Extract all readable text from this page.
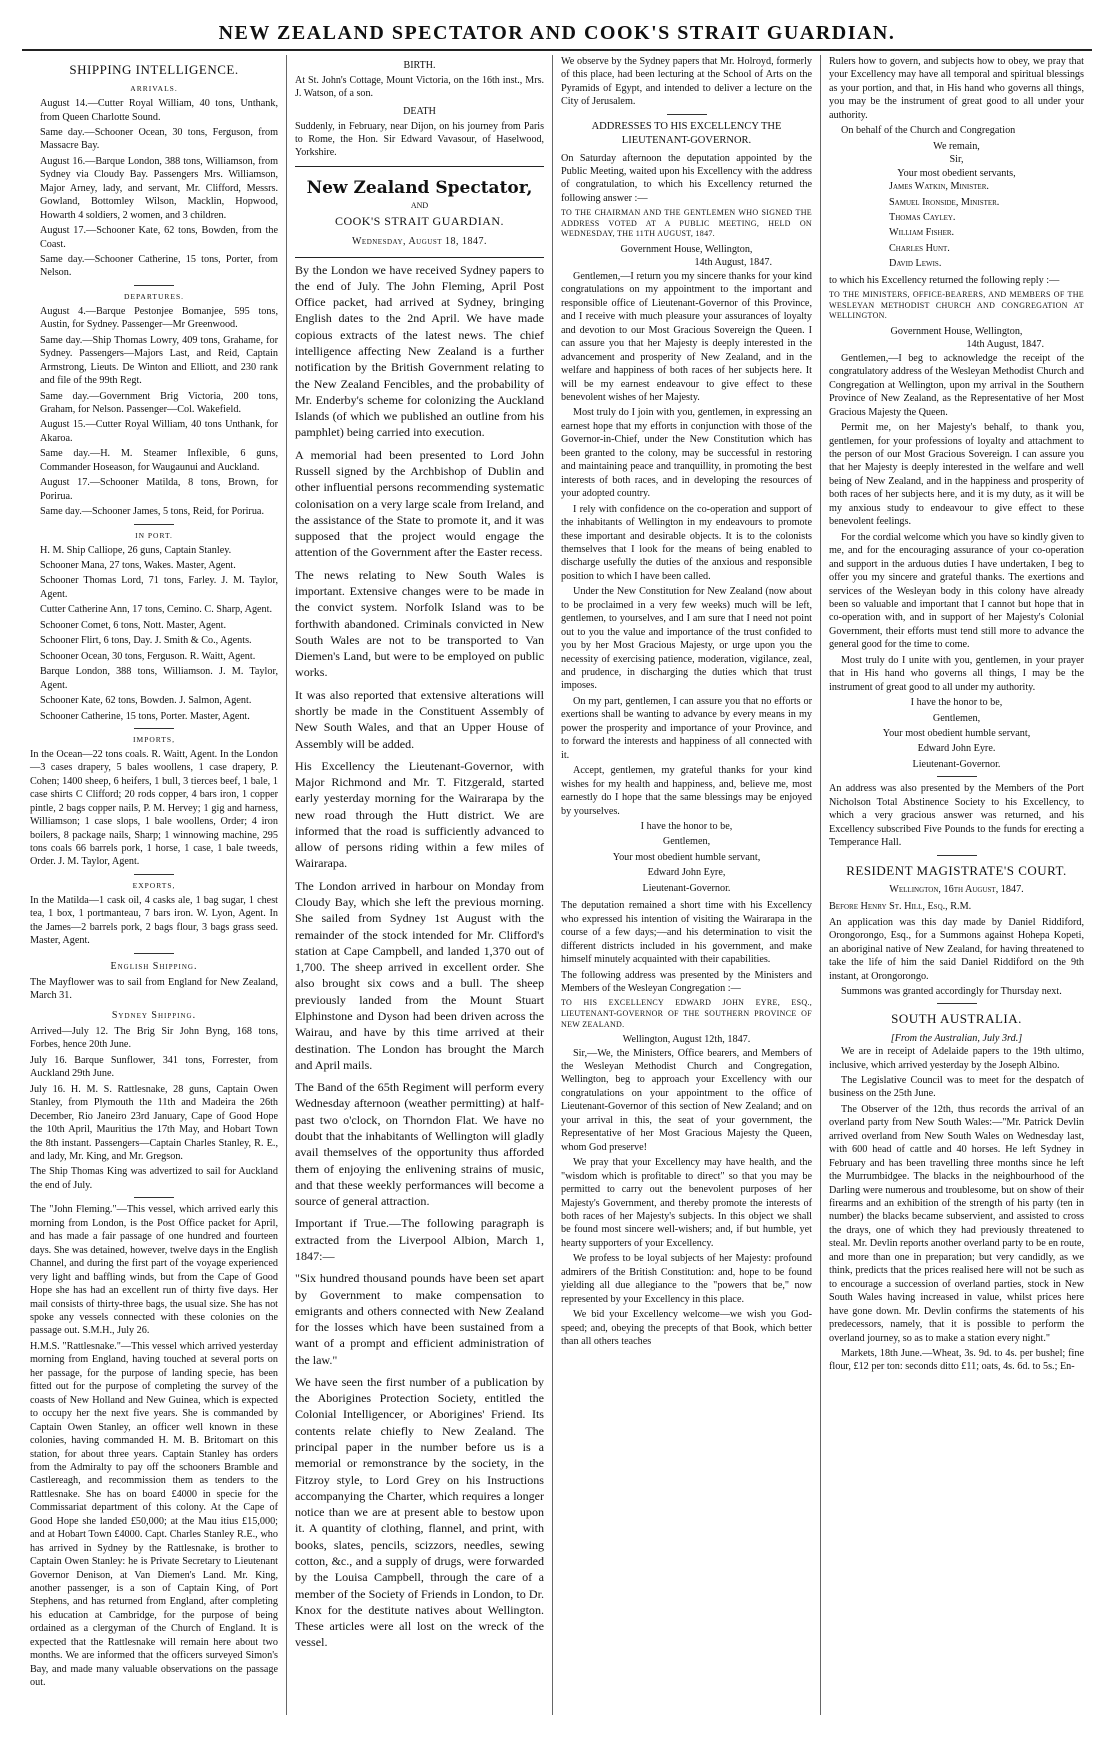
NEW ZEALAND SPECTATOR AND COOK'S STRAIT GUARDIAN.
SHIPPING INTELLIGENCE.
ARRIVALS.

August 14.—Cutter Royal William, 40 tons, Unthank, from Queen Charlotte Sound.

Same day.—Schooner Ocean, 30 tons, Ferguson, from Massacre Bay.

August 16.—Barque London, 388 tons, Williamson, from Sydney via Cloudy Bay. Passengers Mrs. Williamson, Major Arney, lady, and servant, Mr. Clifford, Messrs. Gowland, Bottomley Wilson, Macklin, Hopwood, Howarth 4 soldiers, 2 women, and 3 children.

August 17.—Schooner Kate, 62 tons, Bowden, from the Coast.

Same day.—Schooner Catherine, 15 tons, Porter, from Nelson.

DEPARTURES.

August 4.—Barque Pestonjee Bomanjee, 595 tons, Austin, for Sydney. Passenger—Mr Greenwood.

Same day.—Ship Thomas Lowry, 409 tons, Grahame, for Sydney. Passengers—Majors Last, and Reid, Captain Armstrong, Lieuts. De Winton and Elliott, and 230 rank and file of the 99th Regt.

Same day.—Government Brig Victoria, 200 tons, Graham, for Nelson. Passenger—Col. Wakefield.

August 15.—Cutter Royal William, 40 tons Unthank, for Akaroa.

Same day.—H. M. Steamer Inflexible, 6 guns, Commander Hoseason, for Waugaunui and Auckland.

August 17.—Schooner Matilda, 8 tons, Brown, for Porirua.

Same day.—Schooner James, 5 tons, Reid, for Porirua.

IN PORT.

H. M. Ship Calliope, 26 guns, Captain Stanley.

Schooner Mana, 27 tons, Wakes. Master, Agent.

Schooner Thomas Lord, 71 tons, Farley. J. M. Taylor, Agent.

Cutter Catherine Ann, 17 tons, Cemino. C. Sharp, Agent.

Schooner Comet, 6 tons, Nott. Master, Agent.

Schooner Flirt, 6 tons, Day. J. Smith & Co., Agents.

Schooner Ocean, 30 tons, Ferguson. R. Waitt, Agent.

Barque London, 388 tons, Williamson. J. M. Taylor, Agent.

Schooner Kate, 62 tons, Bowden. J. Salmon, Agent.

Schooner Catherine, 15 tons, Porter. Master, Agent.

IMPORTS,

In the Ocean—22 tons coals. R. Waitt, Agent. In the London—3 cases drapery, 5 bales woollens, 1 case drapery, P. Cohen; 1400 sheep, 6 heifers, 1 bull, 3 tierces beef, 1 bale, 1 case shirts C Clifford; 20 rods copper, 4 bars iron, 1 copper pintle, 2 bags copper nails, P. M. Hervey; 1 gig and harness, Williamson; 1 case slops, 1 bale woollens, Order; 4 iron boilers, 8 package nails, Sharp; 1 winnowing machine, 295 tons coals 66 barrels pork, 1 horse, 1 case, 1 bale tweeds, Order. J. M. Taylor, Agent.

EXPORTS,

In the Matilda—1 cask oil, 4 casks ale, 1 bag sugar, 1 chest tea, 1 box, 1 portmanteau, 7 bars iron. W. Lyon, Agent. In the James—2 barrels pork, 2 bags flour, 3 bags grass seed. Master, Agent.

English Shipping.

The Mayflower was to sail from England for New Zealand, March 31.

Sydney Shipping.

Arrived—July 12. The Brig Sir John Byng, 168 tons, Forbes, hence 20th June.

July 16. Barque Sunflower, 341 tons, Forrester, from Auckland 29th June.

July 16. H. M. S. Rattlesnake, 28 guns, Captain Owen Stanley, from Plymouth the 11th and Madeira the 26th December, Rio Janeiro 23rd January, Cape of Good Hope the 10th April, Mauritius the 17th May, and Hobart Town the 8th instant. Passengers—Captain Charles Stanley, R. E., and lady, Mr. King, and Mr. Gregson.

The Ship Thomas King was advertized to sail for Auckland the end of July.

The "John Fleming."—This vessel, which arrived early this morning from London, is the Post Office packet for April, and has made a fair passage of one hundred and fourteen days. She was detained, however, twelve days in the English Channel, and during the first part of the voyage experienced very light and baffling winds, but from the Cape of Good Hope she has had an excellent run of thirty five days. Her mail consists of thirty-three bags, the usual size. She has not spoke any vessels connected with these colonies on the passage out. S.M.H., July 26.

H.M.S. "Rattlesnake."—This vessel which arrived yesterday morning from England, having touched at several ports on her passage, for the purpose of landing specie, has been fitted out for the purpose of completing the survey of the coasts of New Holland and New Guinea, which is expected to occupy her the next five years. She is commanded by Captain Owen Stanley, an officer well known in these colonies, having commanded H. M. B. Britomart on this station, for about three years. Captain Stanley has orders from the Admiralty to pay off the schooners Bramble and Castlereagh, and recommission them as tenders to the Rattlesnake. She has on board £4000 in specie for the Commissariat department of this colony. At the Cape of Good Hope she landed £50,000; at the Mau itius £15,000; and at Hobart Town £4000. Capt. Charles Stanley R.E., who has arrived in Sydney by the Rattlesnake, is brother to Captain Owen Stanley: he is Private Secretary to Lieutenant Governor Denison, at Van Diemen's Land. Mr. King, another passenger, is a son of Captain King, of Port Stephens, and has returned from England, after completing his education at Cambridge, for the purpose of being ordained as a clergyman of the Church of England. It is expected that the Rattlesnake will remain here about two months. We are informed that the officers surveyed Simon's Bay, and made many valuable observations on the passage out.

BIRTH.

At St. John's Cottage, Mount Victoria, on the 16th inst., Mrs. J. Watson, of a son.

DEATH

Suddenly, in February, near Dijon, on his journey from Paris to Rome, the Hon. Sir Edward Vavasour, of Haselwood, Yorkshire.

New Zealand Spectator,
AND
COOK'S STRAIT GUARDIAN.
Wednesday, August 18, 1847.

By the London we have received Sydney papers to the end of July. The John Fleming, April Post Office packet, had arrived at Sydney, bringing English dates to the 2nd April. We have made copious extracts of the latest news. The chief intelligence affecting New Zealand is a further notification by the British Government relating to the New Zealand Fencibles, and the probability of Mr. Enderby's scheme for colonizing the Auckland Islands (of which we published an outline from his pamphlet) being carried into execution.

A memorial had been presented to Lord John Russell signed by the Archbishop of Dublin and other influential persons recommending systematic colonisation on a very large scale from Ireland, and the assistance of the State to promote it, and it was supposed that the project would engage the attention of the Government after the Easter recess.

The news relating to New South Wales is important. Extensive changes were to be made in the convict system. Norfolk Island was to be forthwith abandoned. Criminals convicted in New South Wales are not to be transported to Van Diemen's Land, but were to be employed on public works.

It was also reported that extensive alterations will shortly be made in the Constituent Assembly of New South Wales, and that an Upper House of Assembly will be added.

His Excellency the Lieutenant-Governor, with Major Richmond and Mr. T. Fitzgerald, started early yesterday morning for the Wairarapa by the new road through the Hutt district. We are informed that the road is sufficiently advanced to allow of persons riding within a few miles of Wairarapa.

The London arrived in harbour on Monday from Cloudy Bay, which she left the previous morning. She sailed from Sydney 1st August with the remainder of the stock intended for Mr. Clifford's station at Cape Campbell, and landed 1,370 out of 1,700. The sheep arrived in excellent order. She also brought six cows and a bull. The sheep previously landed from the Mount Stuart Elphinstone and Dyson had been driven across the Wairau, and have by this time arrived at their destination. The London has brought the March and April mails.

The Band of the 65th Regiment will perform every Wednesday afternoon (weather permitting) at half-past two o'clock, on Thorndon Flat. We have no doubt that the inhabitants of Wellington will gladly avail themselves of the opportunity thus afforded them of enjoying the enlivening strains of music, and that these weekly performances will become a source of general attraction.

Important if True.—The following paragraph is extracted from the Liverpool Albion, March 1, 1847:—

"Six hundred thousand pounds have been set apart by Government to make compensation to emigrants and others connected with New Zealand for the losses which have been sustained from a want of a prompt and efficient administration of the law."

We have seen the first number of a publication by the Aborigines Protection Society, entitled the Colonial Intelligencer, or Aborigines' Friend. Its contents relate chiefly to New Zealand. The principal paper in the number before us is a memorial or remonstrance by the society, in the Fitzroy style, to Lord Grey on his Instructions accompanying the Charter, which requires a longer notice than we are at present able to bestow upon it. A quantity of clothing, flannel, and print, with books, slates, pencils, scizzors, needles, sewing cotton, &c., and a supply of drugs, were forwarded by the Louisa Campbell, through the care of a member of the Society of Friends in London, to Dr. Knox for the destitute natives about Wellington. These articles were all lost on the wreck of the vessel.

We observe by the Sydney papers that Mr. Holroyd, formerly of this place, had been lecturing at the School of Arts on the Pyramids of Egypt, and intended to deliver a lecture on the City of Jerusalem.

ADDRESSES TO HIS EXCELLENCY THE LIEUTENANT-GOVERNOR.

On Saturday afternoon the deputation appointed by the Public Meeting, waited upon his Excellency with the address of congratulation, to which his Excellency returned the following answer :—

TO THE CHAIRMAN AND THE GENTLEMEN WHO SIGNED THE ADDRESS VOTED AT A PUBLIC MEETING, HELD ON WEDNESDAY, THE 11TH AUGUST, 1847.
Government House, Wellington,
14th August, 1847.

Gentlemen,—I return you my sincere thanks for your kind congratulations on my appointment to the important and responsible office of Lieutenant-Governor of this Province, and I receive with much pleasure your assurances of loyalty and devotion to our Most Gracious Sovereign the Queen. I can assure you that her Majesty is deeply interested in the advancement and prosperity of New Zealand, and in the welfare and happiness of both races of her subjects here. It will be my earnest endeavour to give effect to these benevolent wishes of her Majesty.

Most truly do I join with you, gentlemen, in expressing an earnest hope that my efforts in conjunction with those of the Governor-in-Chief, under the New Constitution which has been granted to the colony, may be successful in restoring and maintaining peace and tranquillity, in promoting the best interests of both races, and in developing the resources of your adopted country.

I rely with confidence on the co-operation and support of the inhabitants of Wellington in my endeavours to promote these important and desirable objects. It is to the colonists themselves that I look for the means of being enabled to discharge usefully the duties of the anxious and responsible position to which I have been called.

Under the New Constitution for New Zealand (now about to be proclaimed in a very few weeks) much will be left, gentlemen, to yourselves, and I am sure that I need not point out to you the value and importance of the trust confided to you by her Most Gracious Majesty, or urge upon you the necessity of exercising patience, moderation, vigilance, zeal, and prudence, in discharging the duties which that trust imposes.

On my part, gentlemen, I can assure you that no efforts or exertions shall be wanting to advance by every means in my power the prosperity and importance of your Province, and to forward the interests and happiness of all connected with it.

Accept, gentlemen, my grateful thanks for your kind wishes for my health and happiness, and, believe me, most earnestly do I hope that the same blessings may be enjoyed by yourselves.

I have the honor to be,

Gentlemen,

Your most obedient humble servant,

Edward John Eyre,

Lieutenant-Governor.

The deputation remained a short time with his Excellency who expressed his intention of visiting the Wairarapa in the course of a few days;—and his determination to visit the different districts included in his government, and make himself minutely acquainted with their capabilities.

The following address was presented by the Ministers and Members of the Wesleyan Congregation :—

TO HIS EXCELLENCY EDWARD JOHN EYRE, ESQ., LIEUTENANT-GOVERNOR OF THE SOUTHERN PROVINCE OF NEW ZEALAND.
Wellington, August 12th, 1847.

Sir,—We, the Ministers, Office bearers, and Members of the Wesleyan Methodist Church and Congregation, Wellington, beg to approach your Excellency with our congratulations on your appointment to the office of Lieutenant-Governor of this section of New Zealand; and on your arrival in this, the seat of your government, the Representative of her Most Gracious Majesty the Queen, whom God preserve!

We pray that your Excellency may have health, and the "wisdom which is profitable to direct" so that you may be permitted to carry out the benevolent purposes of her Majesty's Government, and thereby promote the interests of both races of her Majesty's subjects. In this object we shall be found most sincere well-wishers; and, if but humble, yet hearty supporters of your Excellency.

We profess to be loyal subjects of her Majesty: profound admirers of the British Constitution: and, hope to be found yielding all due allegiance to the "powers that be," now represented by your Excellency in this place.

We bid your Excellency welcome—we wish you God-speed; and, obeying the precepts of that Book, which better than all others teaches

Rulers how to govern, and subjects how to obey, we pray that your Excellency may have all temporal and spiritual blessings as your portion, and that, in His hand who governs all things, you may be the instrument of great good to all under your authority.

On behalf of the Church and Congregation

We remain,
Sir,
Your most obedient servants,

James Watkin, Minister.

Samuel Ironside, Minister.

Thomas Cayley.

William Fisher.

Charles Hunt.

David Lewis.

to which his Excellency returned the following reply :—

TO THE MINISTERS, OFFICE-BEARERS, AND MEMBERS OF THE WESLEYAN METHODIST CHURCH AND CONGREGATION AT WELLINGTON.
Government House, Wellington,
14th August, 1847.

Gentlemen,—I beg to acknowledge the receipt of the congratulatory address of the Wesleyan Methodist Church and Congregation at Wellington, upon my arrival in the Southern Province of New Zealand, as the Representative of her Most Gracious Majesty the Queen.

Permit me, on her Majesty's behalf, to thank you, gentlemen, for your professions of loyalty and attachment to the person of our Most Gracious Sovereign. I can assure you that her Majesty is deeply interested in the welfare and well being of New Zealand, and in the happiness and prosperity of both races of her subjects here, and it is my duty, as it will be my anxious study to endeavour to give effect to these benevolent feelings.

For the cordial welcome which you have so kindly given to me, and for the encouraging assurance of your co-operation and support in the arduous duties I have undertaken, I beg to offer you my sincere and grateful thanks. The exertions and services of the Wesleyan body in this colony have already been so valuable and important that I cannot but hope that in co-operation with, and in support of her Majesty's Colonial Government, their efforts must tend still more to advance the general good for the time to come.

Most truly do I unite with you, gentlemen, in your prayer that in His hand who governs all things, I may be the instrument of great good to all under my authority.

I have the honor to be,

Gentlemen,

Your most obedient humble servant,

Edward John Eyre.

Lieutenant-Governor.

An address was also presented by the Members of the Port Nicholson Total Abstinence Society to his Excellency, to which a very gracious answer was returned, and his Excellency subscribed Five Pounds to the funds for erecting a Temperance Hall.

RESIDENT MAGISTRATE'S COURT.
Wellington, 16th August, 1847.

Before Henry St. Hill, Esq., R.M.

An application was this day made by Daniel Riddiford, Orongorongo, Esq., for a Summons against Hohepa Kopeti, an aboriginal native of New Zealand, for having threatened to take the life of him the said Daniel Riddiford on the 9th instant, at Orongorongo.

Summons was granted accordingly for Thursday next.

SOUTH AUSTRALIA.
[From the Australian, July 3rd.]

We are in receipt of Adelaide papers to the 19th ultimo, inclusive, which arrived yesterday by the Joseph Albino.

The Legislative Council was to meet for the despatch of business on the 25th June.

The Observer of the 12th, thus records the arrival of an overland party from New South Wales:—"Mr. Patrick Devlin arrived overland from New South Wales on Wednesday last, with 600 head of cattle and 40 horses. He left Sydney in February and has been travelling three months since he left the Murrumbidgee. The blacks in the neighbourhood of the Darling were numerous and troublesome, but on show of their firearms and an exhibition of the strength of his party (ten in number) the blacks became subservient, and assisted to cross the drays, one of which they had previously threatened to steal. Mr. Devlin reports another overland party to be en route, and more than one in preparation; but very candidly, as we think, predicts that the prices realised here will not be such as to encourage a succession of overland parties, stock in New South Wales having increased in value, whilst prices here have gone down. Mr. Devlin confirms the statements of his predecessors, namely, that it is possible to perform the overland journey, so as to make a station every night."

Markets, 18th June.—Wheat, 3s. 9d. to 4s. per bushel; fine flour, £12 per ton: seconds ditto £11; oats, 4s. 6d. to 5s.; En-
